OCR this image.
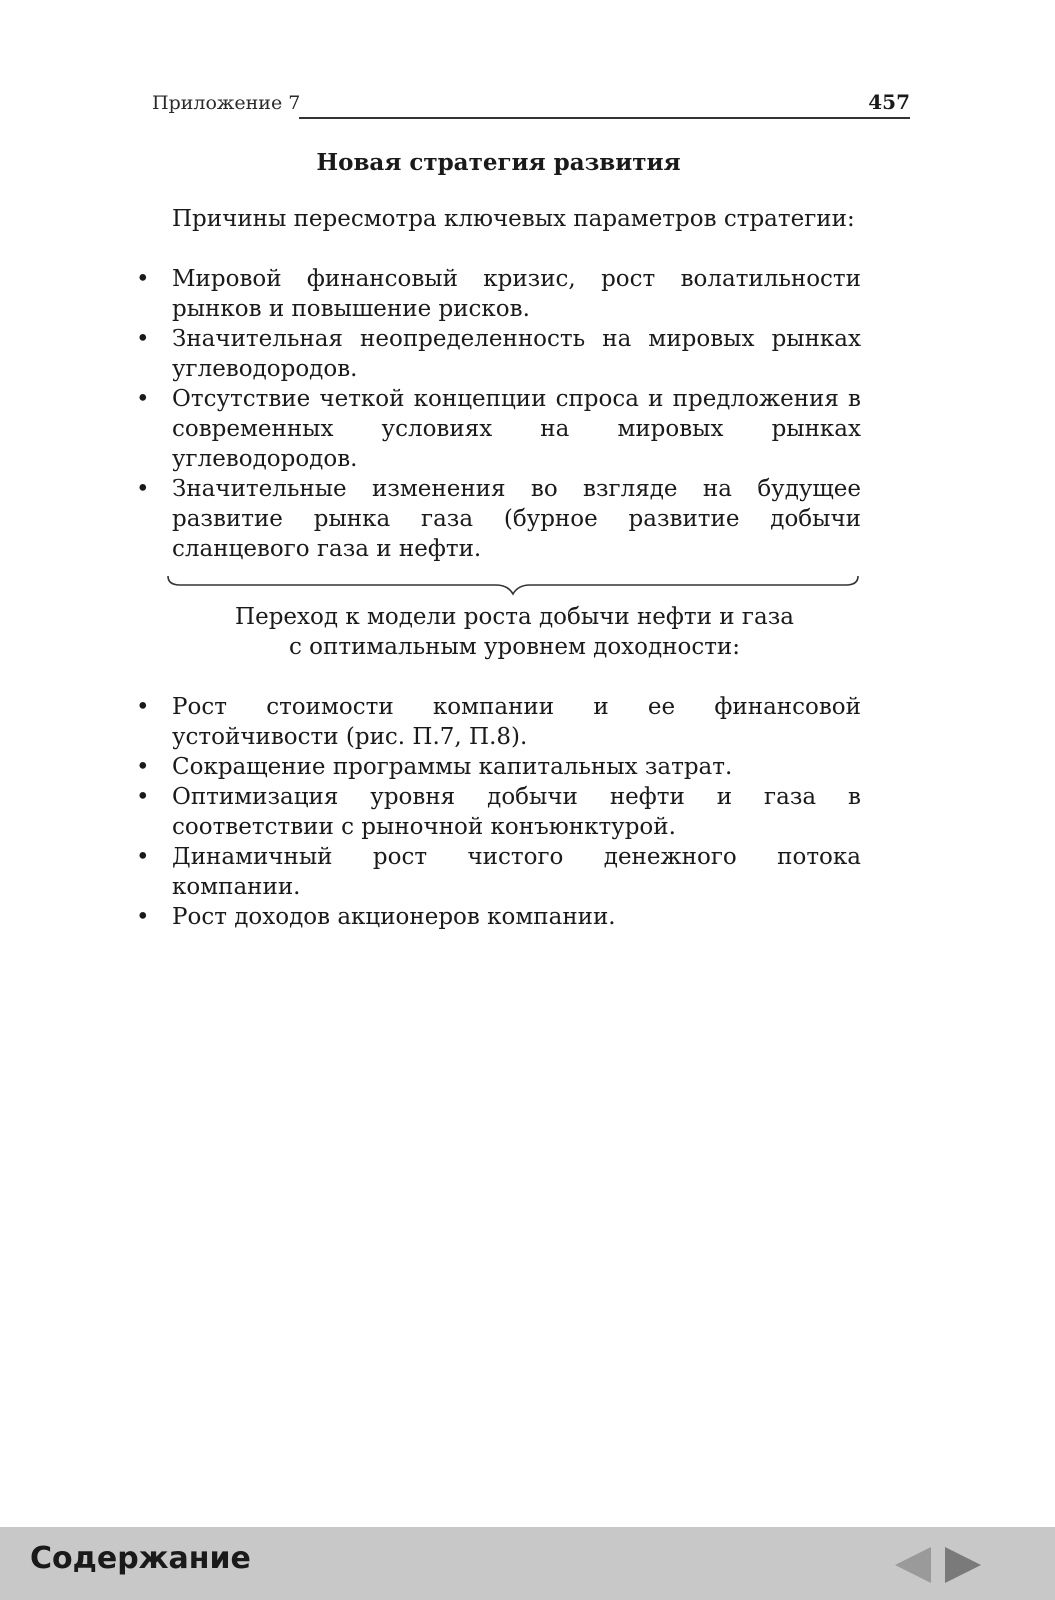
Приложение 7	457
Новая стратегия развития

Причины пересмотра ключевых параметров стратегии:

• Мировой финансовый кризис, рост волатильности рынков и повышение рисков.
• Значительная неопределенность на мировых рынках углеводородов.
• Отсутствие четкой концепции спроса и предложения в современных условиях на мировых рынках углеводородов.
• Значительные изменения во взгляде на будущее развитие рынка газа (бурное развитие добычи сланцевого газа и нефти.
Переход к модели роста добычи нефти и газа
с оптимальным уровнем доходности:
• Рост стоимости компании и ее финансовой устойчивости (рис. П.7, П.8).
• Сокращение программы капитальных затрат.
• Оптимизация уровня добычи нефти и газа в соответствии с рыночной конъюнктурой.
• Динамичный рост чистого денежного потока компании.
• Рост доходов акционеров компании.
Содержание
